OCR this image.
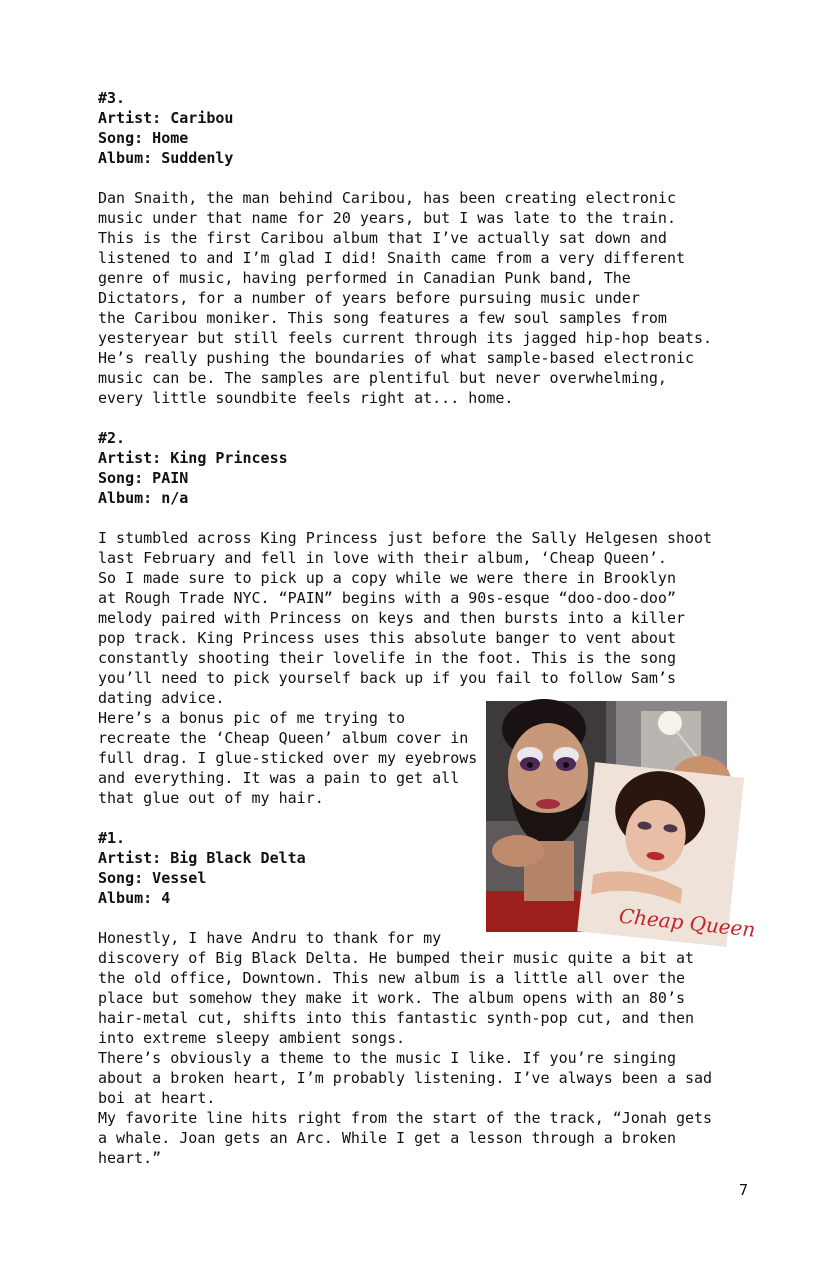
#3.
Artist: Caribou
Song: Home
Album: Suddenly
Dan Snaith, the man behind Caribou, has been creating electronic
music under that name for 20 years, but I was late to the train.
This is the first Caribou album that I’ve actually sat down and
listened to and I’m glad I did! Snaith came from a very different
genre of music, having performed in Canadian Punk band, The
Dictators, for a number of years before pursuing music under
the Caribou moniker. This song features a few soul samples from
yesteryear but still feels current through its jagged hip-hop beats.
He’s really pushing the boundaries of what sample-based electronic
music can be. The samples are plentiful but never overwhelming,
every little soundbite feels right at... home.
#2.
Artist: King Princess
Song: PAIN
Album: n/a
I stumbled across King Princess just before the Sally Helgesen shoot
last February and fell in love with their album, ‘Cheap Queen’.
So I made sure to pick up a copy while we were there in Brooklyn
at Rough Trade NYC. “PAIN” begins with a 90s-esque “doo-doo-doo”
melody paired with Princess on keys and then bursts into a killer
pop track. King Princess uses this absolute banger to vent about
constantly shooting their lovelife in the foot. This is the song
you’ll need to pick yourself back up if you fail to follow Sam’s
dating advice.
Here’s a bonus pic of me trying to
recreate the ‘Cheap Queen’ album cover in
full drag. I glue-sticked over my eyebrows
and everything. It was a pain to get all
that glue out of my hair.
#1.
Artist: Big Black Delta
Song: Vessel
Album: 4
Honestly, I have Andru to thank for my
discovery of Big Black Delta. He bumped their music quite a bit at
the old office, Downtown. This new album is a little all over the
place but somehow they make it work. The album opens with an 80’s
hair-metal cut, shifts into this fantastic synth-pop cut, and then
into extreme sleepy ambient songs.
There’s obviously a theme to the music I like. If you’re singing
about a broken heart, I’m probably listening. I’ve always been a sad
boi at heart.
My favorite line hits right from the start of the track, “Jonah gets
a whale. Joan gets an Arc. While I get a lesson through a broken
heart.”
Cheap Queen
7
